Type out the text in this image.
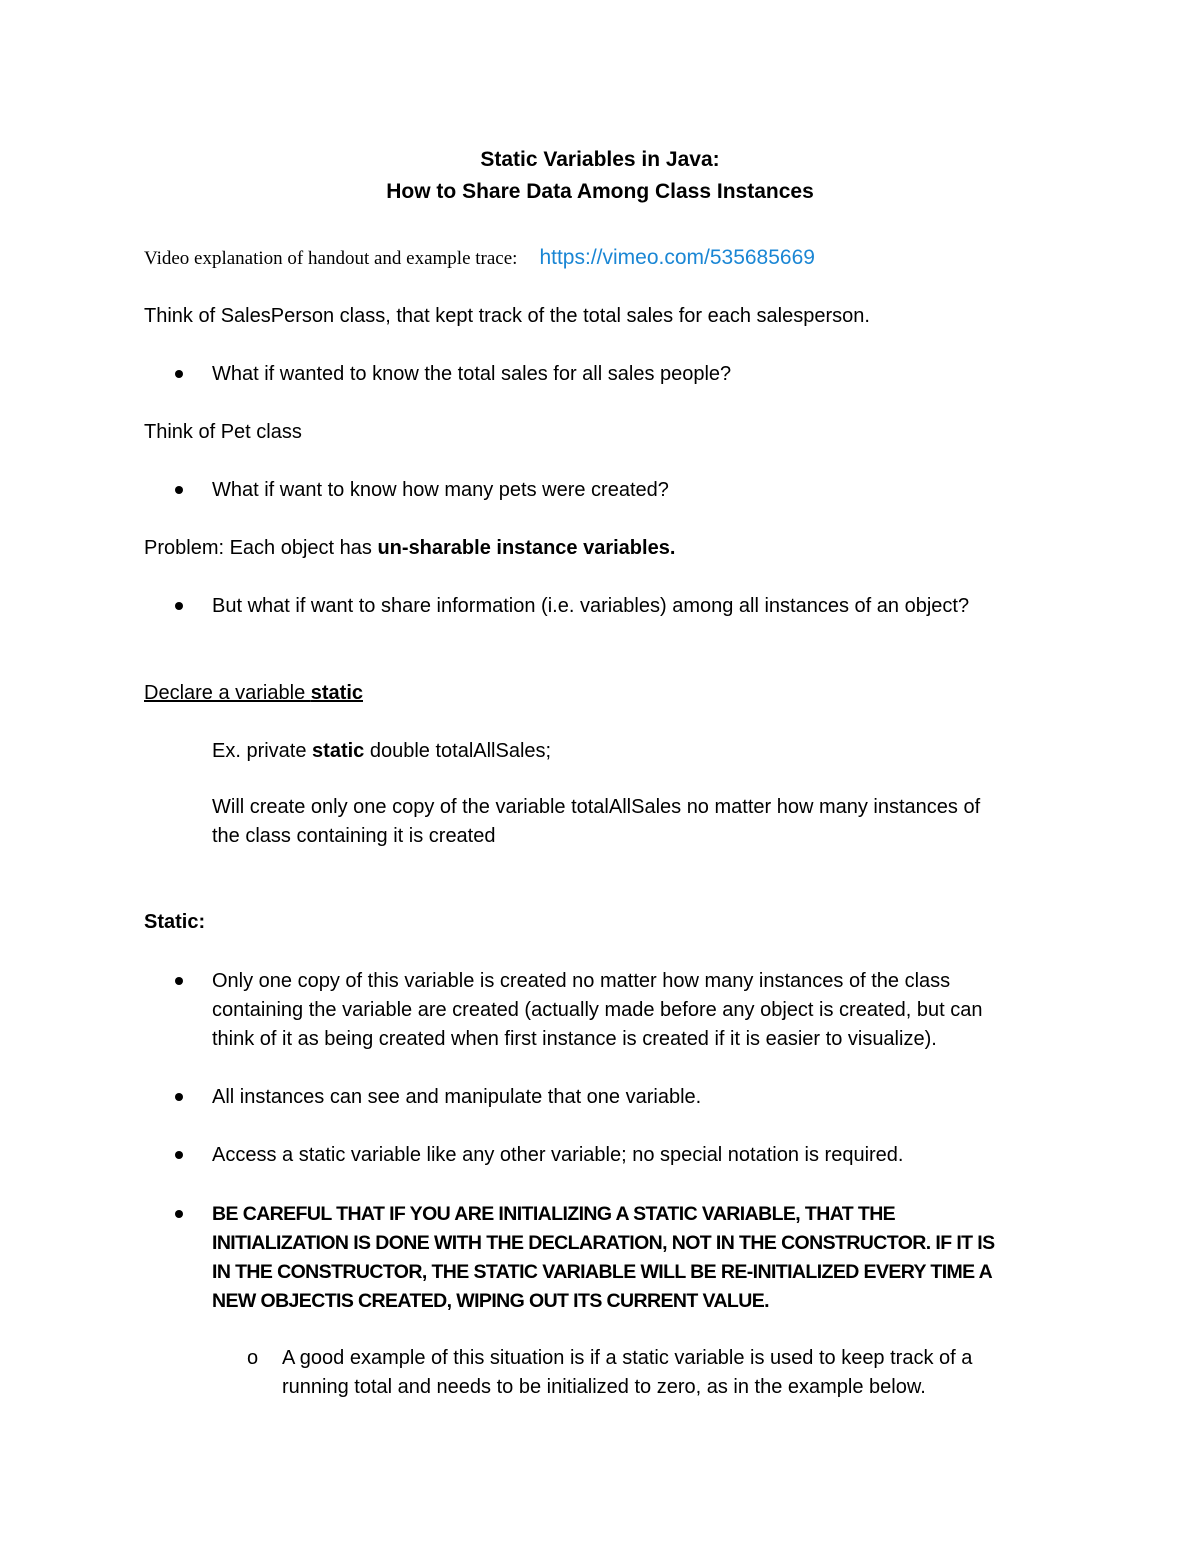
Static Variables in Java:
How to Share Data Among Class Instances
Video explanation of handout and example trace: https://vimeo.com/535685669
Think of SalesPerson class, that kept track of the total sales for each salesperson.
What if wanted to know the total sales for all sales people?
Think of Pet class
What if want to know how many pets were created?
Problem: Each object has un-sharable instance variables.
But what if want to share information (i.e. variables) among all instances of an object?
Declare a variable static
Ex. private static double totalAllSales;
Will create only one copy of the variable totalAllSales no matter how many instances of
the class containing it is created
Static:
Only one copy of this variable is created no matter how many instances of the class
containing the variable are created (actually made before any object is created, but can
think of it as being created when first instance is created if it is easier to visualize).
All instances can see and manipulate that one variable.
Access a static variable like any other variable; no special notation is required.
BE CAREFUL THAT IF YOU ARE INITIALIZING A STATIC VARIABLE, THAT THE
INITIALIZATION IS DONE WITH THE DECLARATION, NOT IN THE CONSTRUCTOR. IF IT IS
IN THE CONSTRUCTOR, THE STATIC VARIABLE WILL BE RE-INITIALIZED EVERY TIME A
NEW OBJECTIS CREATED, WIPING OUT ITS CURRENT VALUE.
o A good example of this situation is if a static variable is used to keep track of a
running total and needs to be initialized to zero, as in the example below.
